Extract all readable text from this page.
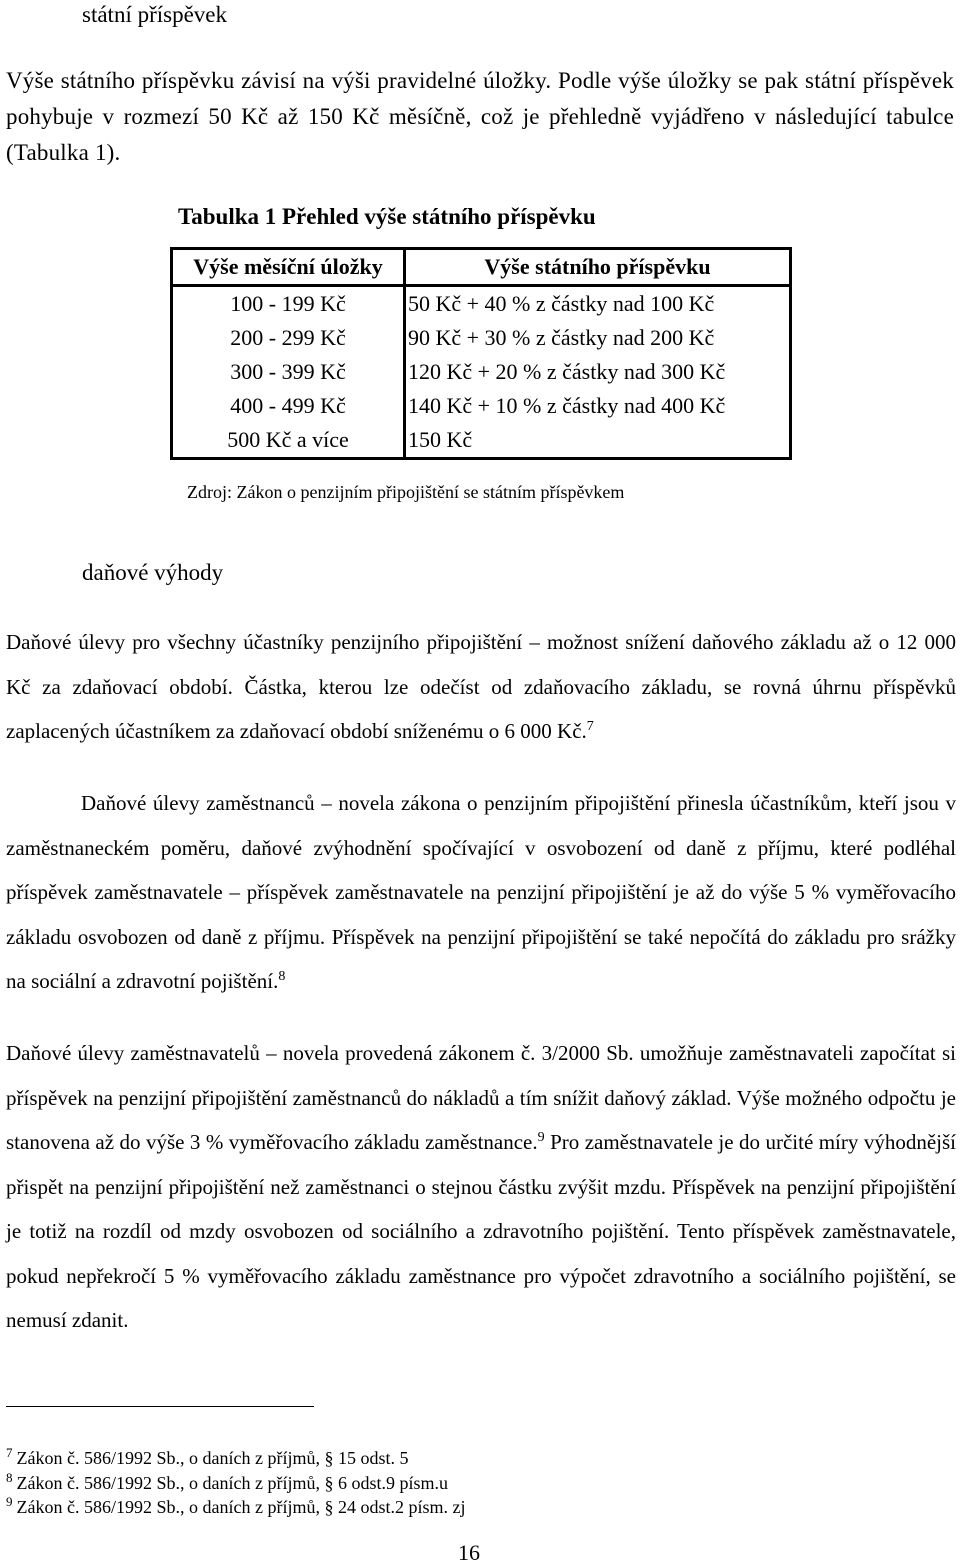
státní příspěvek
Výše státního příspěvku závisí na výši pravidelné úložky. Podle výše úložky se pak státní příspěvek pohybuje v rozmezí 50 Kč až 150 Kč měsíčně, což je přehledně vyjádřeno v následující tabulce (Tabulka 1).
Tabulka 1 Přehled výše státního příspěvku
Výše měsíční úložky	Výše státního příspěvku
100 - 199 Kč	50 Kč + 40 % z částky nad 100 Kč
200 - 299 Kč	90 Kč + 30 % z částky nad 200 Kč
300 - 399 Kč	120 Kč + 20 % z částky nad 300 Kč
400 - 499 Kč	140 Kč + 10 % z částky nad 400 Kč
500 Kč a více	150 Kč
Zdroj: Zákon o penzijním připojištění se státním příspěvkem
daňové výhody
Daňové úlevy pro všechny účastníky penzijního připojištění – možnost snížení daňového základu až o 12 000 Kč za zdaňovací období. Částka, kterou lze odečíst od zdaňovacího základu, se rovná úhrnu příspěvků zaplacených účastníkem za zdaňovací období sníženému o 6 000 Kč.$^7$
Daňové úlevy zaměstnanců – novela zákona o penzijním připojištění přinesla účastníkům, kteří jsou v zaměstnaneckém poměru, daňové zvýhodnění spočívající v osvobození od daně z příjmu, které podléhal příspěvek zaměstnavatele – příspěvek zaměstnavatele na penzijní připojištění je až do výše 5 % vyměřovacího základu osvobozen od daně z příjmu. Příspěvek na penzijní připojištění se také nepočítá do základu pro srážky na sociální a zdravotní pojištění.$^8$
Daňové úlevy zaměstnavatelů – novela provedená zákonem č. 3/2000 Sb. umožňuje zaměstnavateli započítat si příspěvek na penzijní připojištění zaměstnanců do nákladů a tím snížit daňový základ. Výše možného odpočtu je stanovena až do výše 3 % vyměřovacího základu zaměstnance.$^9$ Pro zaměstnavatele je do určité míry výhodnější přispět na penzijní připojištění než zaměstnanci o stejnou částku zvýšit mzdu. Příspěvek na penzijní připojištění je totiž na rozdíl od mzdy osvobozen od sociálního a zdravotního pojištění. Tento příspěvek zaměstnavatele, pokud nepřekročí 5 % vyměřovacího základu zaměstnance pro výpočet zdravotního a sociálního pojištění, se nemusí zdanit.
$^7$ Zákon č. 586/1992 Sb., o daních z příjmů, § 15 odst. 5
$^8$ Zákon č. 586/1992 Sb., o daních z příjmů, § 6 odst.9 písm.u
$^9$ Zákon č. 586/1992 Sb., o daních z příjmů, § 24 odst.2 písm. zj
16
